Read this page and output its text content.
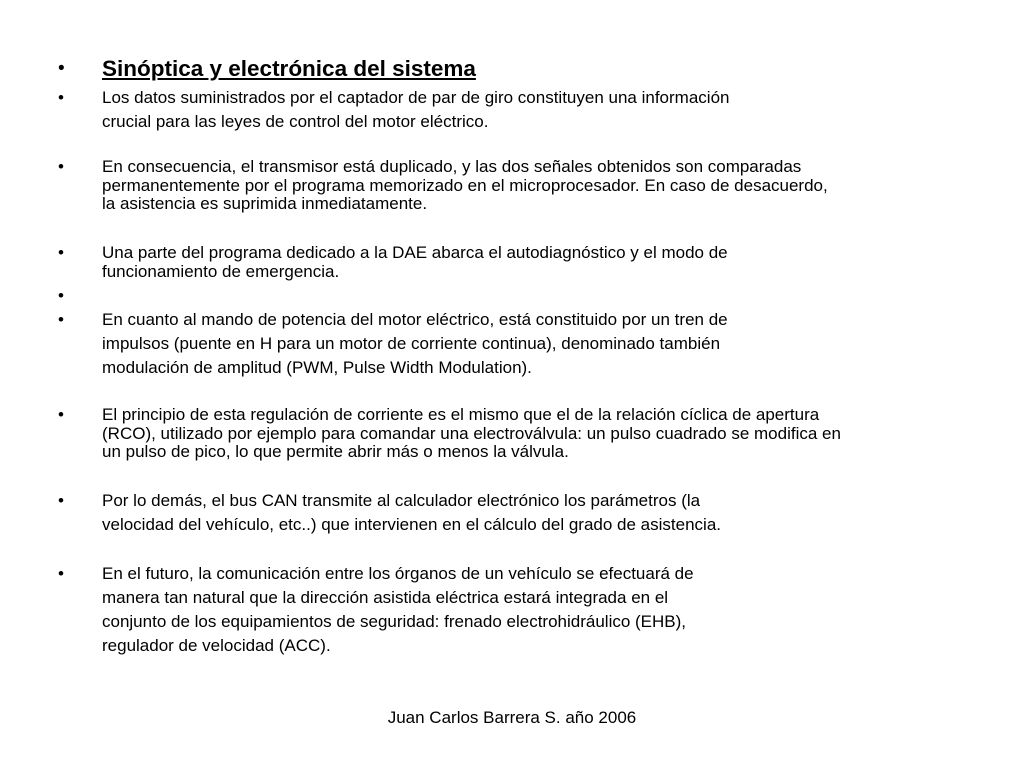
•	Sinóptica y electrónica del sistema
•	Los datos suministrados por el captador de par de giro constituyen una información
crucial para las leyes de control del motor eléctrico.
•	En consecuencia, el transmisor está duplicado, y las dos señales obtenidos son comparadas
permanentemente por el programa memorizado en el microprocesador. En caso de desacuerdo,
la asistencia es suprimida inmediatamente.
•	Una parte del programa dedicado a la DAE abarca el autodiagnóstico y el modo de
funcionamiento de emergencia.
•
•	En cuanto al mando de potencia del motor eléctrico, está constituido por un tren de
impulsos (puente en H para un motor de corriente continua), denominado también
modulación de amplitud (PWM, Pulse Width Modulation).
•	El principio de esta regulación de corriente es el mismo que el de la relación cíclica de apertura
(RCO), utilizado por ejemplo para comandar una electroválvula: un pulso cuadrado se modifica en
un pulso de pico, lo que permite abrir más o menos la válvula.
•	Por lo demás, el bus CAN transmite al calculador electrónico los parámetros (la
velocidad del vehículo, etc..) que intervienen en el cálculo del grado de asistencia.
•	En el futuro, la comunicación entre los órganos de un vehículo se efectuará de
manera tan natural que la dirección asistida eléctrica estará integrada en el
conjunto de los equipamientos de seguridad: frenado electrohidráulico (EHB),
regulador de velocidad (ACC).
Juan Carlos Barrera S. año 2006
